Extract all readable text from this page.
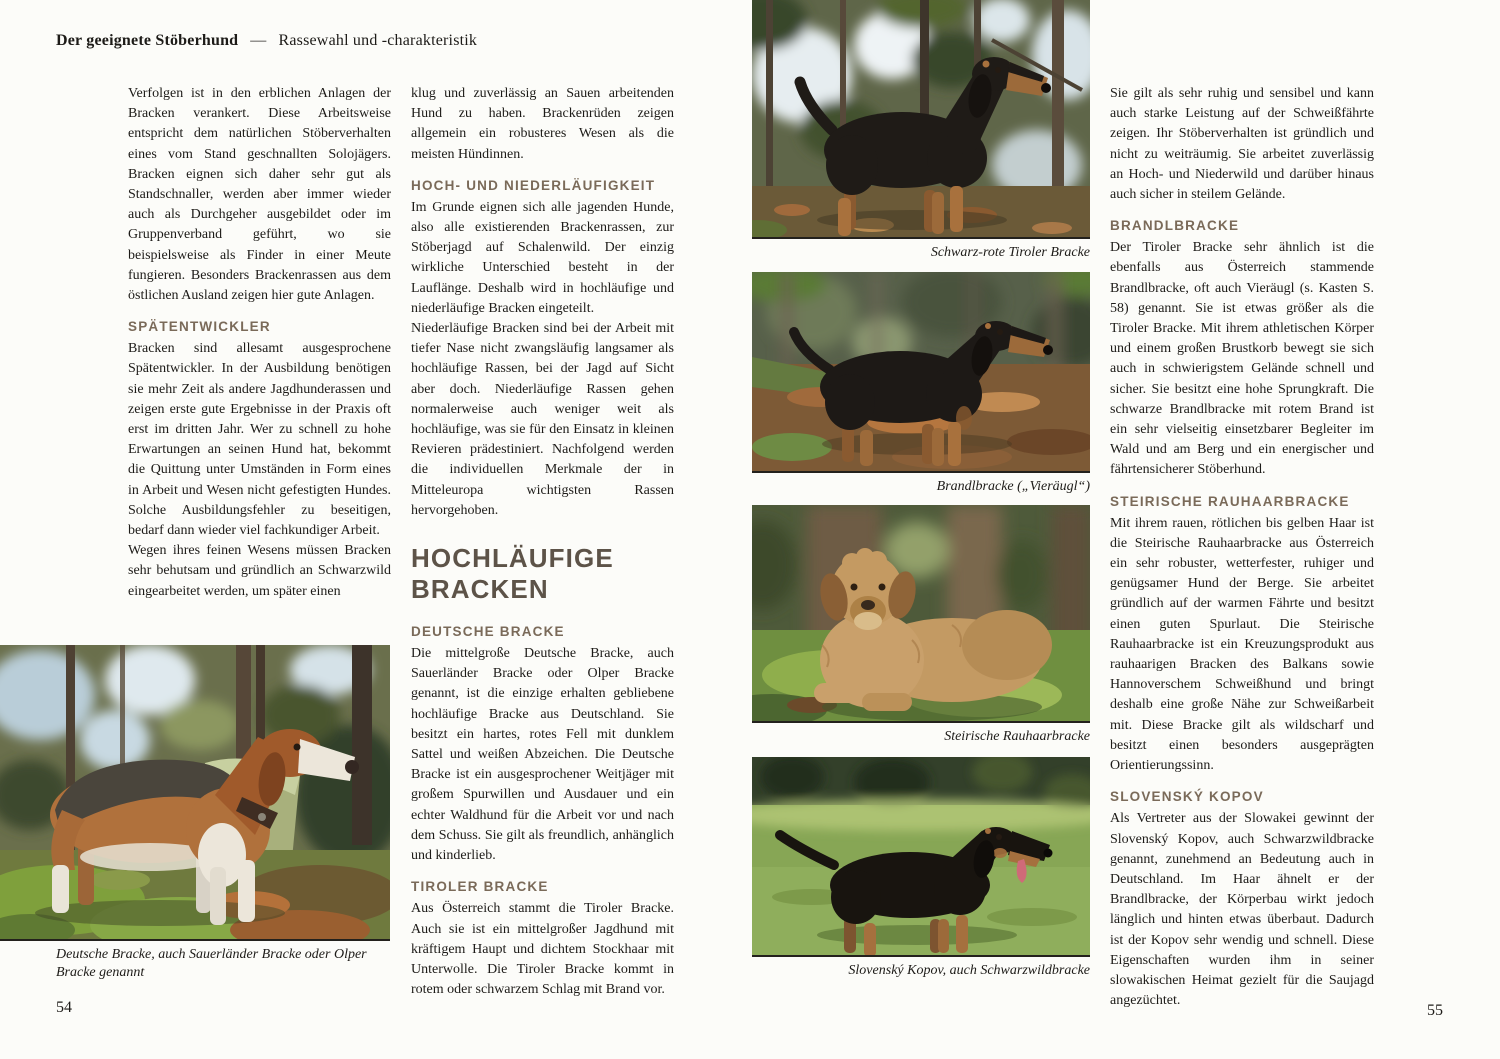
Der geeignete Stöberhund — Rassewahl und -charakteristik

Verfolgen ist in den erblichen Anlagen der Bracken verankert. Diese Arbeitsweise entspricht dem natürlichen Stöberverhalten eines vom Stand geschnallten Solojägers. Bracken eignen sich daher sehr gut als Standschnaller, werden aber immer wieder auch als Durchgeher ausgebildet oder im Gruppenverband geführt, wo sie beispielsweise als Finder in einer Meute fungieren. Besonders Brackenrassen aus dem östlichen Ausland zeigen hier gute Anlagen.

SPÄTENTWICKLER

Bracken sind allesamt ausgesprochene Spätentwickler. In der Ausbildung benötigen sie mehr Zeit als andere Jagdhunderassen und zeigen erste gute Ergebnisse in der Praxis oft erst im dritten Jahr. Wer zu schnell zu hohe Erwartungen an seinen Hund hat, bekommt die Quittung unter Umständen in Form eines in Arbeit und Wesen nicht gefestigten Hundes. Solche Ausbildungsfehler zu beseitigen, bedarf dann wieder viel fachkundiger Arbeit.

Wegen ihres feinen Wesens müssen Bracken sehr behutsam und gründlich an Schwarzwild eingearbeitet werden, um später einen

klug und zuverlässig an Sauen arbeitenden Hund zu haben. Brackenrüden zeigen allgemein ein robusteres Wesen als die meisten Hündinnen.

HOCH- UND NIEDERLÄUFIGKEIT

Im Grunde eignen sich alle jagenden Hunde, also alle existierenden Brackenrassen, zur Stöberjagd auf Schalenwild. Der einzig wirkliche Unterschied besteht in der Lauflänge. Deshalb wird in hochläufige und niederläufige Bracken eingeteilt.

Niederläufige Bracken sind bei der Arbeit mit tiefer Nase nicht zwangsläufig langsamer als hochläufige Rassen, bei der Jagd auf Sicht aber doch. Niederläufige Rassen gehen normalerweise auch weniger weit als hochläufige, was sie für den Einsatz in kleinen Revieren prädestiniert. Nachfolgend werden die individuellen Merkmale der in Mitteleuropa wichtigsten Rassen hervorgehoben.

HOCHLÄUFIGE BRACKEN
DEUTSCHE BRACKE

Die mittelgroße Deutsche Bracke, auch Sauerländer Bracke oder Olper Bracke genannt, ist die einzige erhalten gebliebene hochläufige Bracke aus Deutschland. Sie besitzt ein hartes, rotes Fell mit dunklem Sattel und weißen Abzeichen. Die Deutsche Bracke ist ein ausgesprochener Weitjäger mit großem Spurwillen und Ausdauer und ein echter Waldhund für die Arbeit vor und nach dem Schuss. Sie gilt als freundlich, anhänglich und kinderlieb.

TIROLER BRACKE

Aus Österreich stammt die Tiroler Bracke. Auch sie ist ein mittelgroßer Jagdhund mit kräftigem Haupt und dichtem Stockhaar mit Unterwolle. Die Tiroler Bracke kommt in rotem oder schwarzem Schlag mit Brand vor.

Deutsche Bracke, auch Sauerländer Bracke oder Olper Bracke genannt
Schwarz-rote Tiroler Bracke
Brandlbracke („Vieräugl“)
Steirische Rauhaarbracke
Slovenský Kopov, auch Schwarzwildbracke

Sie gilt als sehr ruhig und sensibel und kann auch starke Leistung auf der Schweißfährte zeigen. Ihr Stöberverhalten ist gründlich und nicht zu weiträumig. Sie arbeitet zuverlässig an Hoch- und Niederwild und darüber hinaus auch sicher in steilem Gelände.

BRANDLBRACKE

Der Tiroler Bracke sehr ähnlich ist die ebenfalls aus Österreich stammende Brandlbracke, oft auch Vieräugl (s. Kasten S. 58) genannt. Sie ist etwas größer als die Tiroler Bracke. Mit ihrem athletischen Körper und einem großen Brustkorb bewegt sie sich auch in schwierigstem Gelände schnell und sicher. Sie besitzt eine hohe Sprungkraft. Die schwarze Brandlbracke mit rotem Brand ist ein sehr vielseitig einsetzbarer Begleiter im Wald und am Berg und ein energischer und fährtensicherer Stöberhund.

STEIRISCHE RAUHAARBRACKE

Mit ihrem rauen, rötlichen bis gelben Haar ist die Steirische Rauhaarbracke aus Österreich ein sehr robuster, wetterfester, ruhiger und genügsamer Hund der Berge. Sie arbeitet gründlich auf der warmen Fährte und besitzt einen guten Spurlaut. Die Steirische Rauhaarbracke ist ein Kreuzungsprodukt aus rauhaarigen Bracken des Balkans sowie Hannoverschem Schweißhund und bringt deshalb eine große Nähe zur Schweißarbeit mit. Diese Bracke gilt als wildscharf und besitzt einen besonders ausgeprägten Orientierungssinn.

SLOVENSKÝ KOPOV

Als Vertreter aus der Slowakei gewinnt der Slovenský Kopov, auch Schwarzwildbracke genannt, zunehmend an Bedeutung auch in Deutschland. Im Haar ähnelt er der Brandlbracke, der Körperbau wirkt jedoch länglich und hinten etwas überbaut. Dadurch ist der Kopov sehr wendig und schnell. Diese Eigenschaften wurden ihm in seiner slowakischen Heimat gezielt für die Saujagd angezüchtet.

54	55
